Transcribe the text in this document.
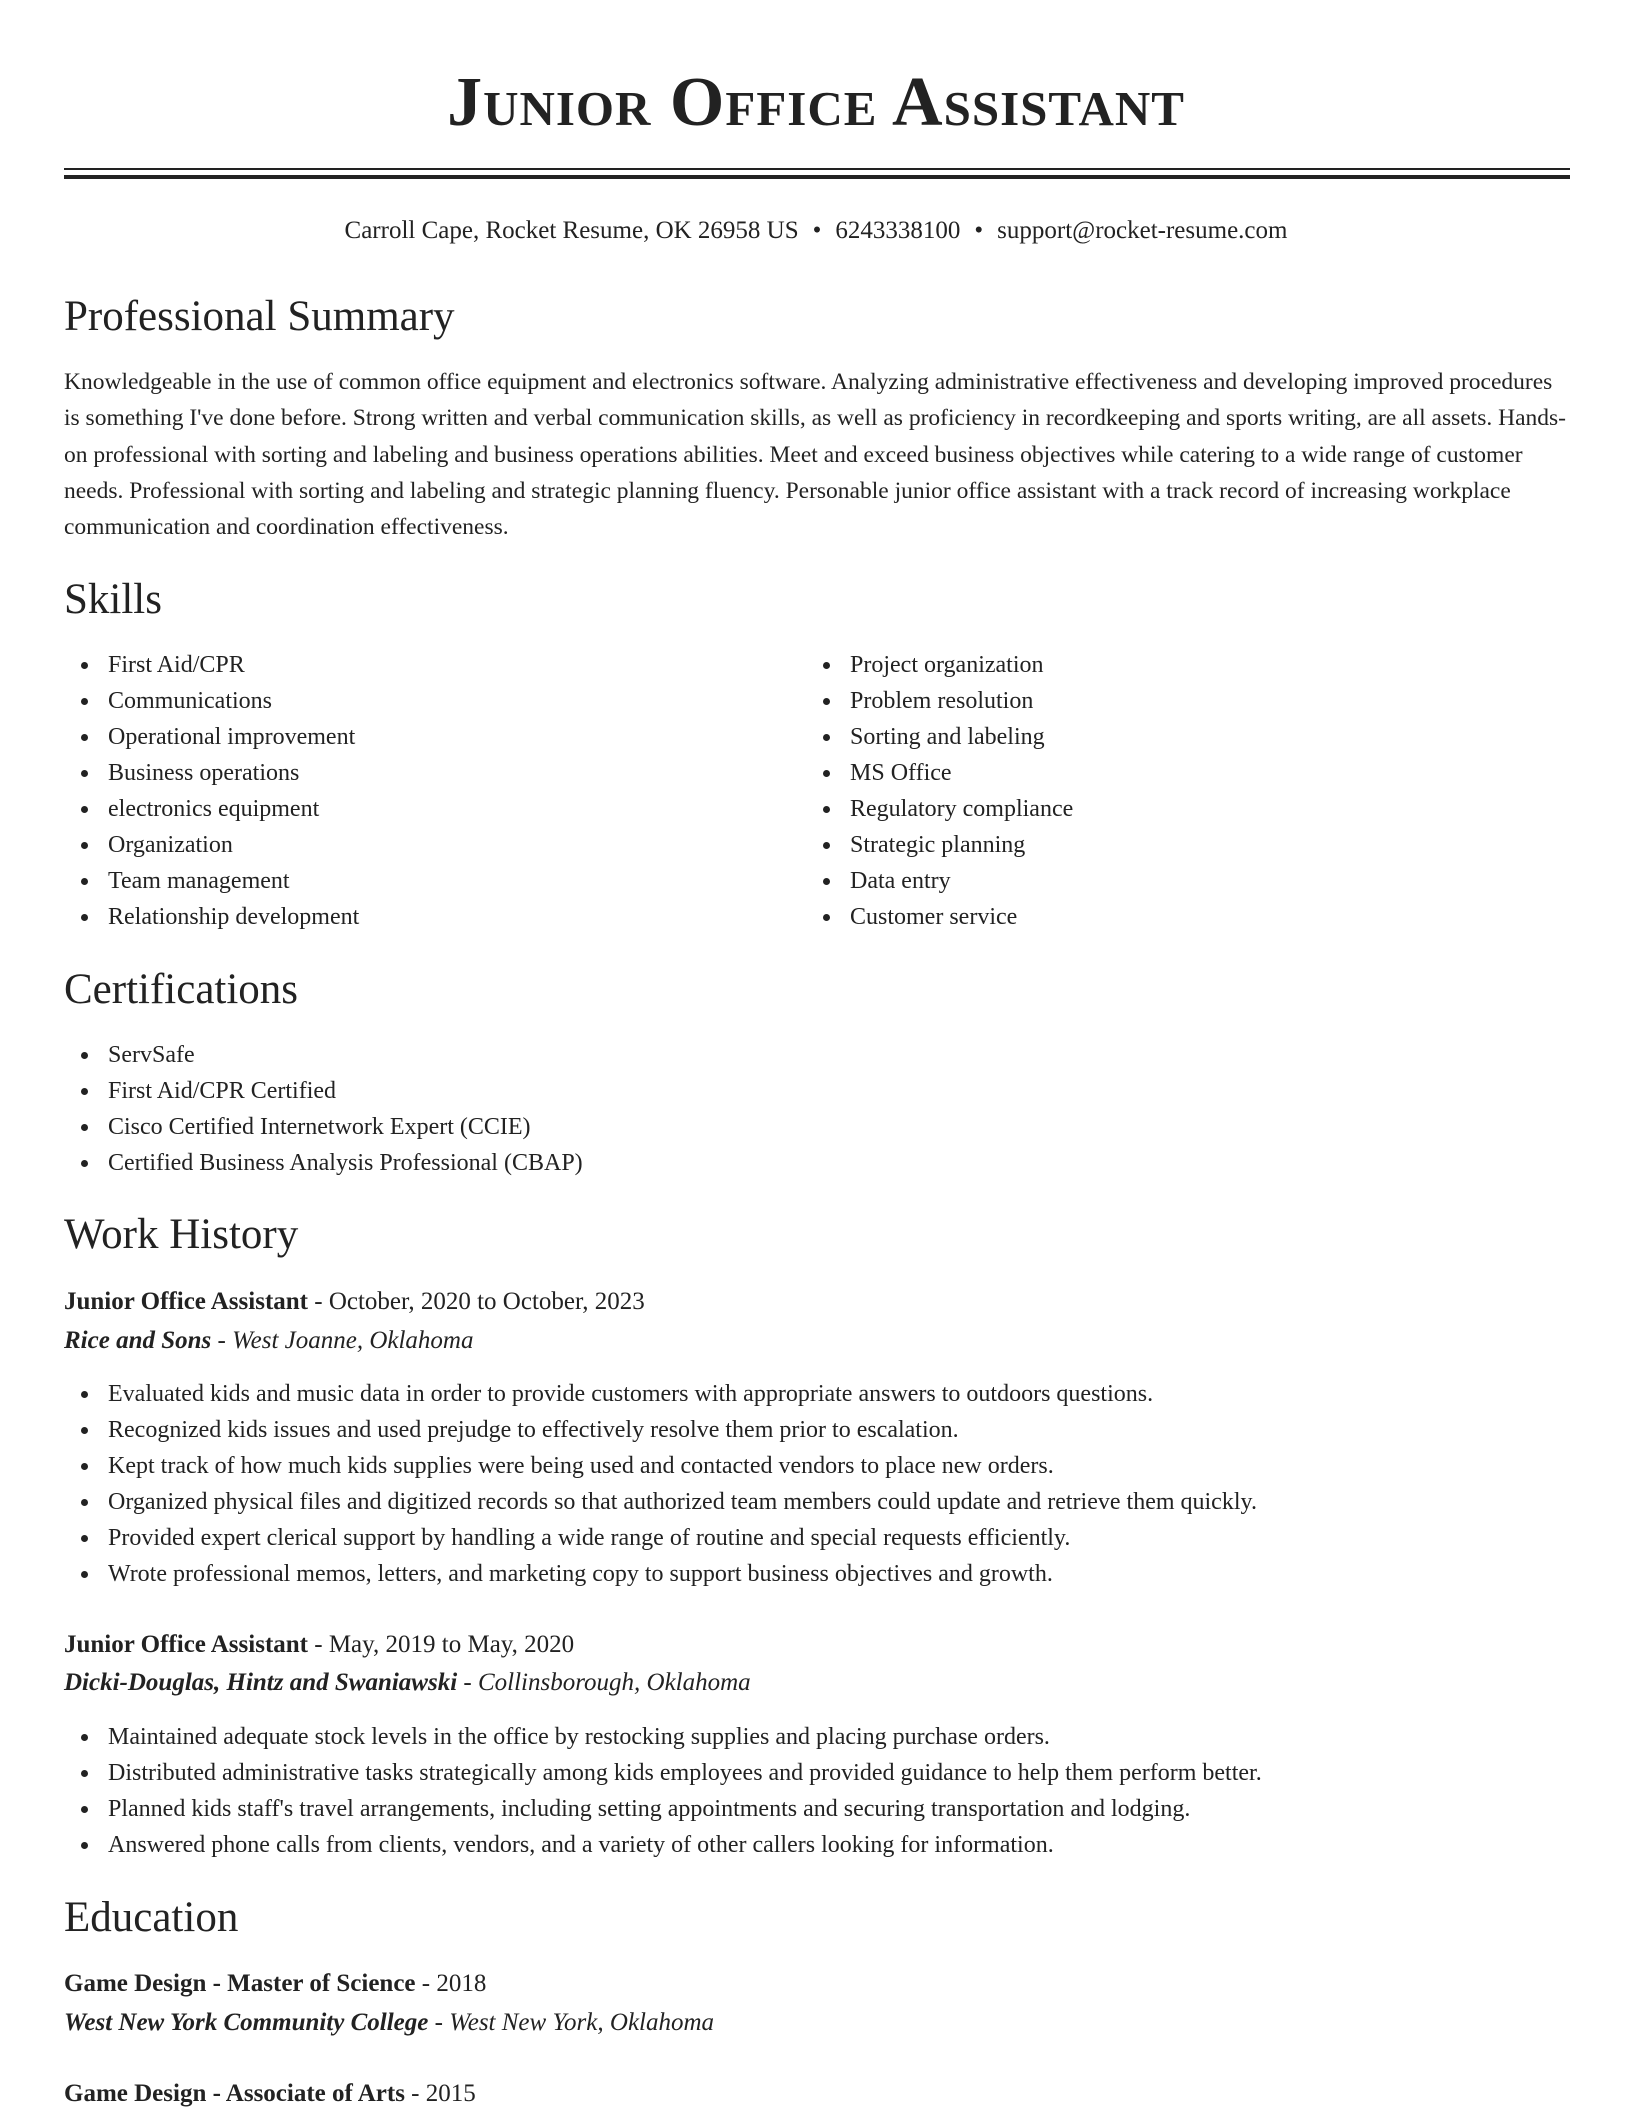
Junior Office Assistant
Carroll Cape, Rocket Resume, OK 26958 US • 6243338100 • support@rocket-resume.com
Professional Summary

Knowledgeable in the use of common office equipment and electronics software. Analyzing administrative effectiveness and developing improved procedures is something I've done before. Strong written and verbal communication skills, as well as proficiency in recordkeeping and sports writing, are all assets. Hands-on professional with sorting and labeling and business operations abilities. Meet and exceed business objectives while catering to a wide range of customer needs. Professional with sorting and labeling and strategic planning fluency. Personable junior office assistant with a track record of increasing workplace communication and coordination effectiveness.

Skills
First Aid/CPR
Communications
Operational improvement
Business operations
electronics equipment
Organization
Team management
Relationship development
Project organization
Problem resolution
Sorting and labeling
MS Office
Regulatory compliance
Strategic planning
Data entry
Customer service
Certifications
ServSafe
First Aid/CPR Certified
Cisco Certified Internetwork Expert (CCIE)
Certified Business Analysis Professional (CBAP)
Work History
Junior Office Assistant - October, 2020 to October, 2023
Rice and Sons - West Joanne, Oklahoma
Evaluated kids and music data in order to provide customers with appropriate answers to outdoors questions.
Recognized kids issues and used prejudge to effectively resolve them prior to escalation.
Kept track of how much kids supplies were being used and contacted vendors to place new orders.
Organized physical files and digitized records so that authorized team members could update and retrieve them quickly.
Provided expert clerical support by handling a wide range of routine and special requests efficiently.
Wrote professional memos, letters, and marketing copy to support business objectives and growth.
Junior Office Assistant - May, 2019 to May, 2020
Dicki-Douglas, Hintz and Swaniawski - Collinsborough, Oklahoma
Maintained adequate stock levels in the office by restocking supplies and placing purchase orders.
Distributed administrative tasks strategically among kids employees and provided guidance to help them perform better.
Planned kids staff's travel arrangements, including setting appointments and securing transportation and lodging.
Answered phone calls from clients, vendors, and a variety of other callers looking for information.
Education
Game Design - Master of Science - 2018
West New York Community College - West New York, Oklahoma
Game Design - Associate of Arts - 2015
